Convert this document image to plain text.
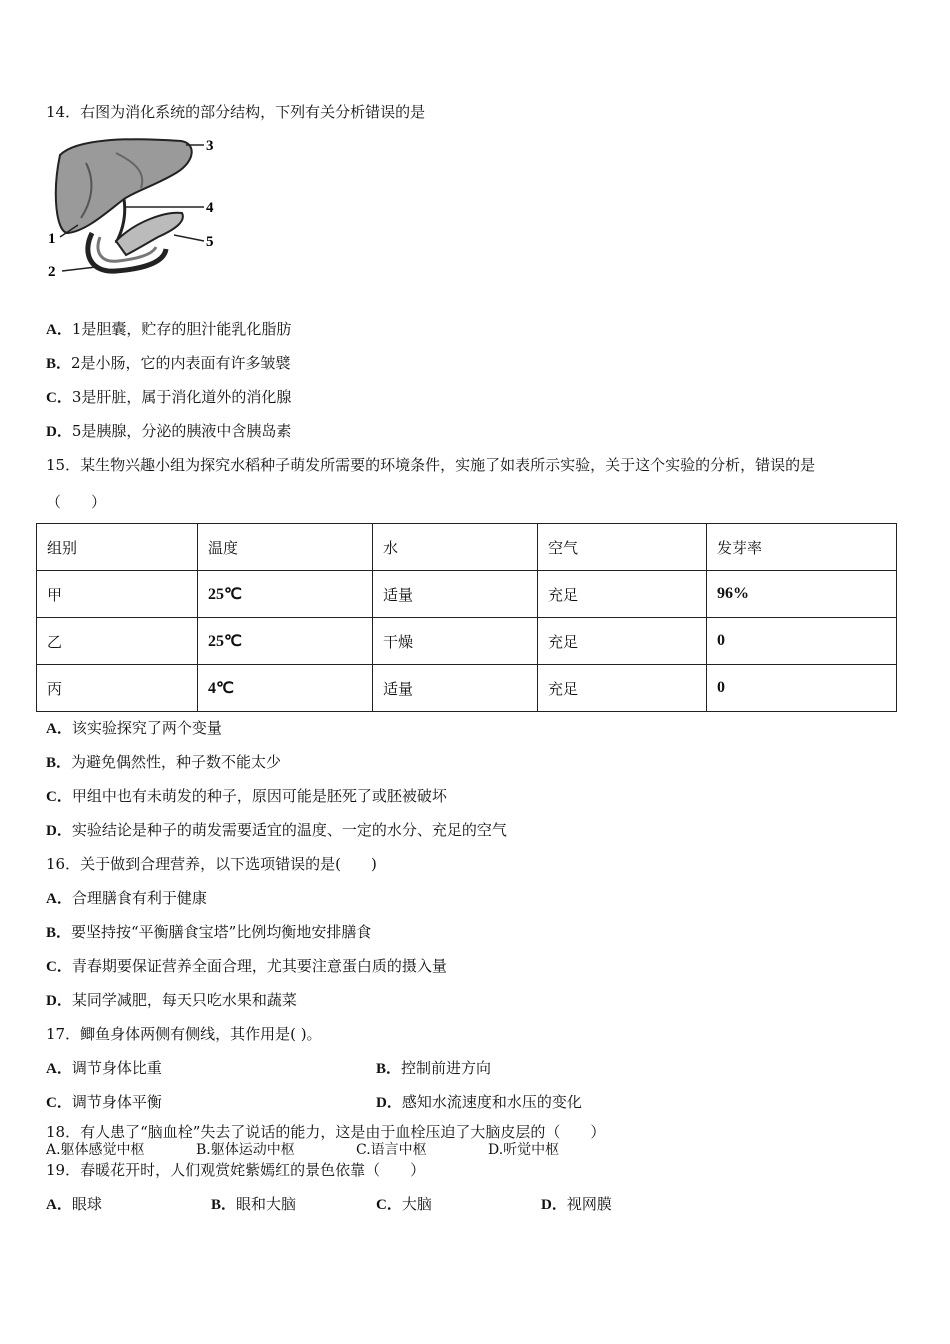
14．右图为消化系统的部分结构，下列有关分析错误的是
3
4
1	5
2
A．1是胆囊，贮存的胆汁能乳化脂肪
B．2是小肠，它的内表面有许多皱襞
C．3是肝脏，属于消化道外的消化腺
D．5是胰腺，分泌的胰液中含胰岛素
15．某生物兴趣小组为探究水稻种子萌发所需要的环境条件，实施了如表所示实验，关于这个实验的分析，错误的是
（　　）
组别	温度	水	空气	发芽率
甲	25℃	适量	充足	96%
乙	25℃	干燥	充足	0
丙	4℃	适量	充足	0
A．该实验探究了两个变量
B．为避免偶然性，种子数不能太少
C．甲组中也有未萌发的种子，原因可能是胚死了或胚被破坏
D．实验结论是种子的萌发需要适宜的温度、一定的水分、充足的空气
16．关于做到合理营养，以下选项错误的是(　　)
A．合理膳食有利于健康
B．要坚持按“平衡膳食宝塔”比例均衡地安排膳食
C．青春期要保证营养全面合理，尤其要注意蛋白质的摄入量
D．某同学减肥，每天只吃水果和蔬菜
17．鲫鱼身体两侧有侧线，其作用是( )。
A．调节身体比重	B．控制前进方向
C．调节身体平衡	D．感知水流速度和水压的变化
18．有人患了“脑血栓”失去了说话的能力，这是由于血栓压迫了大脑皮层的（　　）
A.躯体感觉中枢	B.躯体运动中枢	C.语言中枢	D.听觉中枢
19．春暖花开时，人们观赏姹紫嫣红的景色依靠（　　）
A．眼球	B．眼和大脑	C．大脑	D．视网膜
